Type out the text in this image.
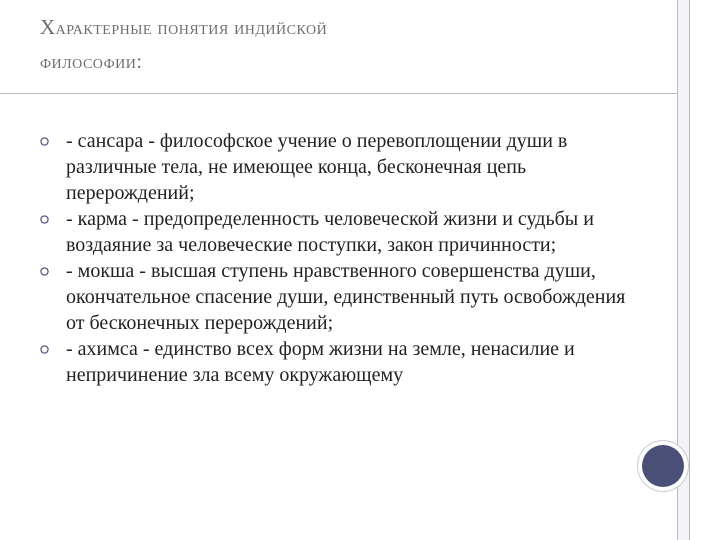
Характерные понятия индийской
философии:
- сансара - философское учение о перевоплощении души в различные тела, не имеющее конца, бесконечная цепь перерождений;
- карма - предопределенность человеческой жизни и судьбы и воздаяние за человеческие поступки, закон причинности;
- мокша - высшая ступень нравственного совершенства души, окончательное спасение души, единственный путь освобождения от бесконечных перерождений;
- ахимса - единство всех форм жизни на земле, ненасилие и непричинение зла всему окружающему
